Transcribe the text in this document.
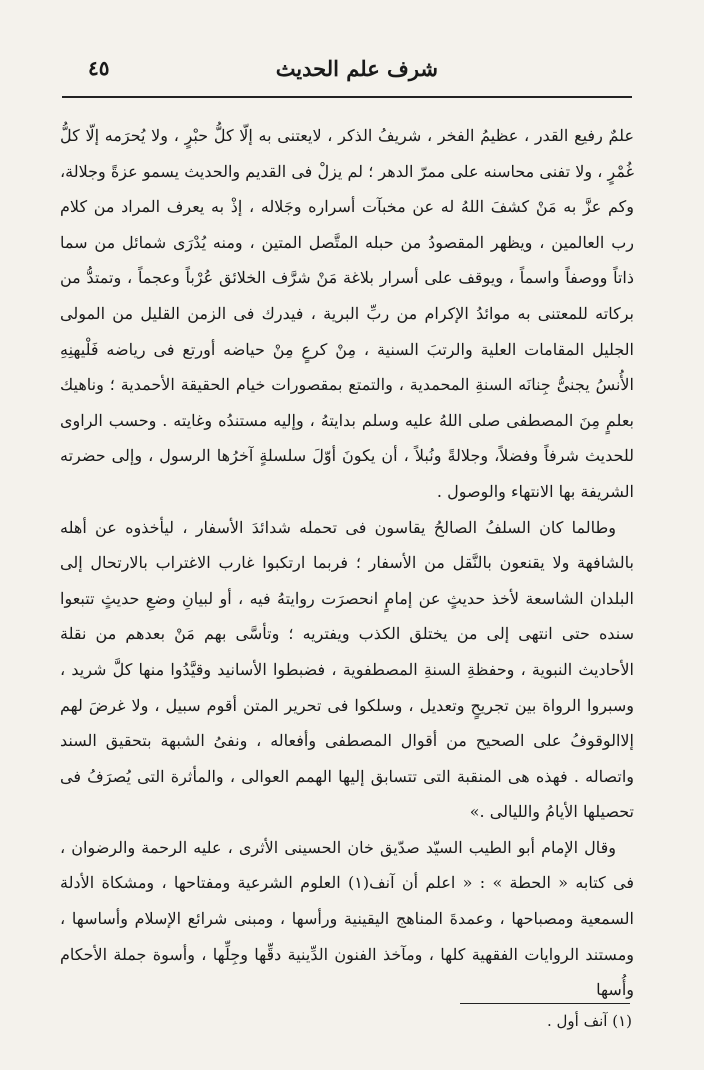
شرف علم الحديث
٤٥

علمٌ رفيع القدر ، عظيمُ الفخر ، شريفُ الذكر ، لايعتنى به إلّا كلُّ حبْرٍ ، ولا يُحرَمه إلّا كلُّ غُمْرٍ ، ولا تفنى محاسنه على ممرّ الدهر ؛ لم يزلْ فى القديم والحديث يسمو عزةً وجلالة، وكم عزَّ به مَنْ كشفَ اللهُ له عن مخبآت أسراره وجَلاله ، إذْ به يعرف المراد من كلام رب العالمين ، ويظهر المقصودُ من حبله المتَّصل المتين ، ومنه يُدْرَى شمائل من سما ذاتاً ووصفاً واسماً ، ويوقف على أسرار بلاغة مَنْ شرَّف الخلائق عُرْباً وعجماً ، وتمتدُّ من بركاته للمعتنى به موائدُ الإكرام من ربِّ البرية ، فيدرك فى الزمن القليل من المولى الجليل المقامات العلية والرتبَ السنية ، مِنْ كرعٍ مِنْ حياضه أورتع فى رياضه فَلْيهنِهِ الأُنسُ يجنىُّ جِنانَه السنةِ المحمدية ، والتمتع بمقصورات خيام الحقيقة الأحمدية ؛ وناهيك بعلمٍ مِنَ المصطفى صلى اللهُ عليه وسلم بدايتهُ ، وإليه مستندُه وغايته . وحسب الراوى للحديث شرفاً وفضلاً، وجلالةً ونُبلاً ، أن يكونَ أوّلَ سلسلةٍ آخرُها الرسول ، وإلى حضرته الشريفة بها الانتهاء والوصول .

وطالما كان السلفُ الصالحُ يقاسون فى تحمله شدائدَ الأسفار ، ليأخذوه عن أهله بالشافهة ولا يقنعون بالنَّقل من الأسفار ؛ فربما ارتكبوا غارب الاغتراب بالارتحال إلى البلدان الشاسعة لأخذ حديثٍ عن إمامٍ انحصرَت روايتهُ فيه ، أو لبيانِ وضعِ حديثٍ تتبعوا سنده حتى انتهى إلى من يختلق الكذب ويفتريه ؛ وتأسَّى بهم مَنْ بعدهم من نقلة الأحاديث النبوية ، وحفظةِ السنةِ المصطفوية ، فضبطوا الأسانيد وقيَّدُوا منها كلَّ شريد ، وسبروا الرواة بين تجريحٍ وتعديل ، وسلكوا فى تحرير المتن أقوم سبيل ، ولا غرضَ لهم إلاالوقوفُ على الصحيح من أقوال المصطفى وأفعاله ، ونفىُ الشبهة بتحقيق السند واتصاله . فهذه هى المنقبة التى تتسابق إليها الهمم العوالى ، والمأثرة التى يُصرَفُ فى تحصيلها الأيامُ والليالى .»

وقال الإمام أبو الطيب السيّد صدّيق خان الحسينى الأثرى ، عليه الرحمة والرضوان ، فى كتابه « الحطة » : « اعلم أن آنف(١) العلوم الشرعية ومفتاحها ، ومشكاة الأدلة السمعية ومصباحها ، وعمدةَ المناهج اليقينية ورأسها ، ومبنى شرائع الإسلام وأساسها ، ومستند الروايات الفقهية كلها ، ومآخذ الفنون الدِّينية دقِّها وجِلِّها ، وأسوة جملة الأحكام وأُسها

(١) آنف أول .
